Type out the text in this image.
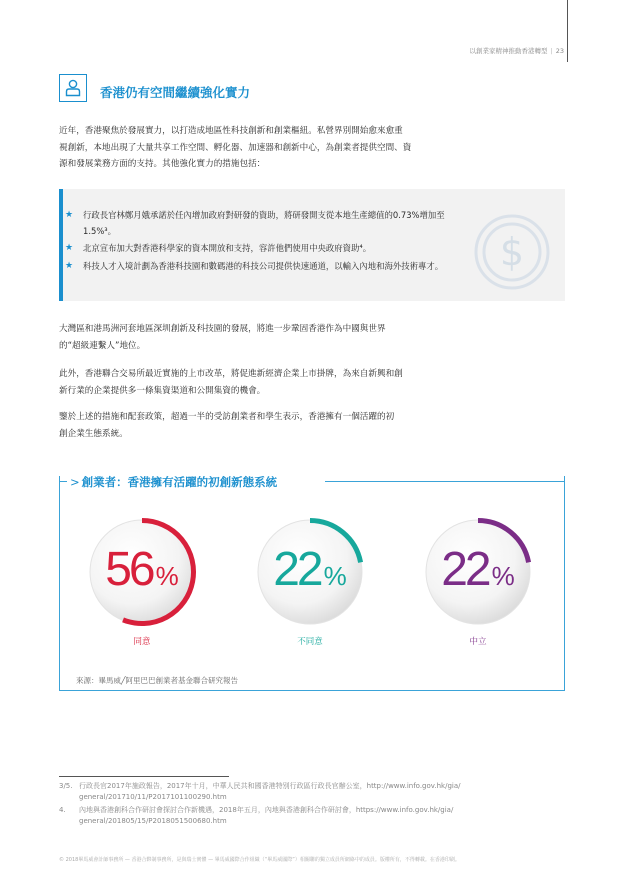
以創業家精神推動香港轉型 | 23
香港仍有空間繼續強化實力
近年，香港聚焦於發展實力，以打造成地區性科技創新和創業樞紐。私營界別開始愈來愈重
視創新，本地出現了大量共享工作空間、孵化器、加速器和創新中心，為創業者提供空間、資
源和發展業務方面的支持。其他強化實力的措施包括：
$
★ 行政長官林鄭月娥承諾於任內增加政府對研發的資助，將研發開支從本地生產總值的0.73%增加至
1.5%³。
★ 北京宣布加大對香港科學家的資本開放和支持，容許他們使用中央政府資助⁴。
★ 科技人才入境計劃為香港科技園和數碼港的科技公司提供快速通道，以輸入內地和海外技術專才。
大灣區和港馬洲河套地區深圳創新及科技園的發展，將進一步鞏固香港作為中國與世界
的“超級連繫人”地位。
此外，香港聯合交易所最近實施的上市改革，將促進新經濟企業上市掛牌，為來自新興和創
新行業的企業提供多一條集資渠道和公開集資的機會。
鑒於上述的措施和配套政策，超過一半的受訪創業者和學生表示，香港擁有一個活躍的初
創企業生態系統。
> 創業者：香港擁有活躍的初創新態系統
56 %
同意
22 %
不同意
22 %
中立
來源：畢馬威╱阿里巴巴創業者基金聯合研究報告
3/5. 行政長官2017年施政報告，2017年十月，中華人民共和國香港特別行政區行政長官辦公室，http://www.info.gov.hk/gia/
general/201710/11/P2017101100290.htm
4. 內地與香港創科合作研討會探討合作新機遇，2018年五月，內地與香港創科合作研討會，https://www.info.gov.hk/gia/
general/201805/15/P2018051500680.htm
© 2018畢馬威會計師事務所 — 香港合夥制事務所，是與瑞士實體 — 畢馬威國際合作組織（“畢馬威國際”）相關聯的獨立成員所網絡中的成員。版權所有，不得轉載。在香港印刷。
